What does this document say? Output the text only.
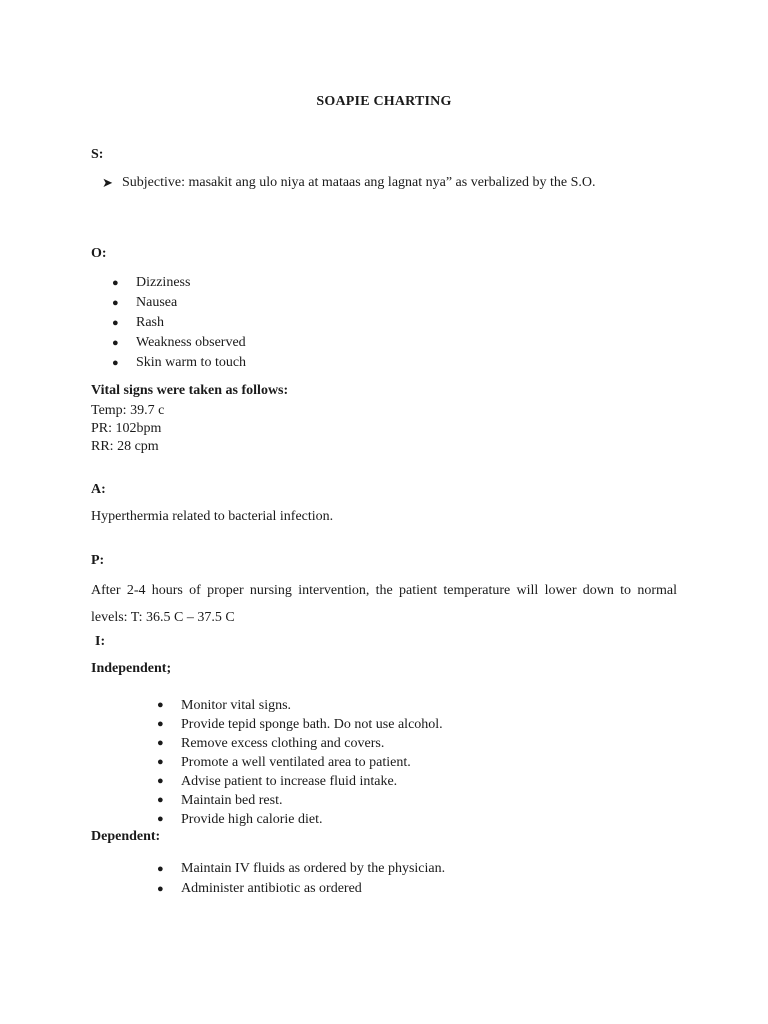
SOAPIE CHARTING
S:
➤ Subjective: masakit ang ulo niya at mataas ang lagnat nya” as verbalized by the S.O.
O:
● Dizziness
● Nausea
● Rash
● Weakness observed
● Skin warm to touch
Vital signs were taken as follows:
Temp: 39.7 c
PR: 102bpm
RR: 28 cpm
A:
Hyperthermia related to bacterial infection.
P:
After 2-4 hours of proper nursing intervention, the patient temperature will lower down to normal levels: T: 36.5 C – 37.5 C
I:
Independent;
● Monitor vital signs.
● Provide tepid sponge bath. Do not use alcohol.
● Remove excess clothing and covers.
● Promote a well ventilated area to patient.
● Advise patient to increase fluid intake.
● Maintain bed rest.
● Provide high calorie diet.
Dependent:
● Maintain IV fluids as ordered by the physician.
● Administer antibiotic as ordered
